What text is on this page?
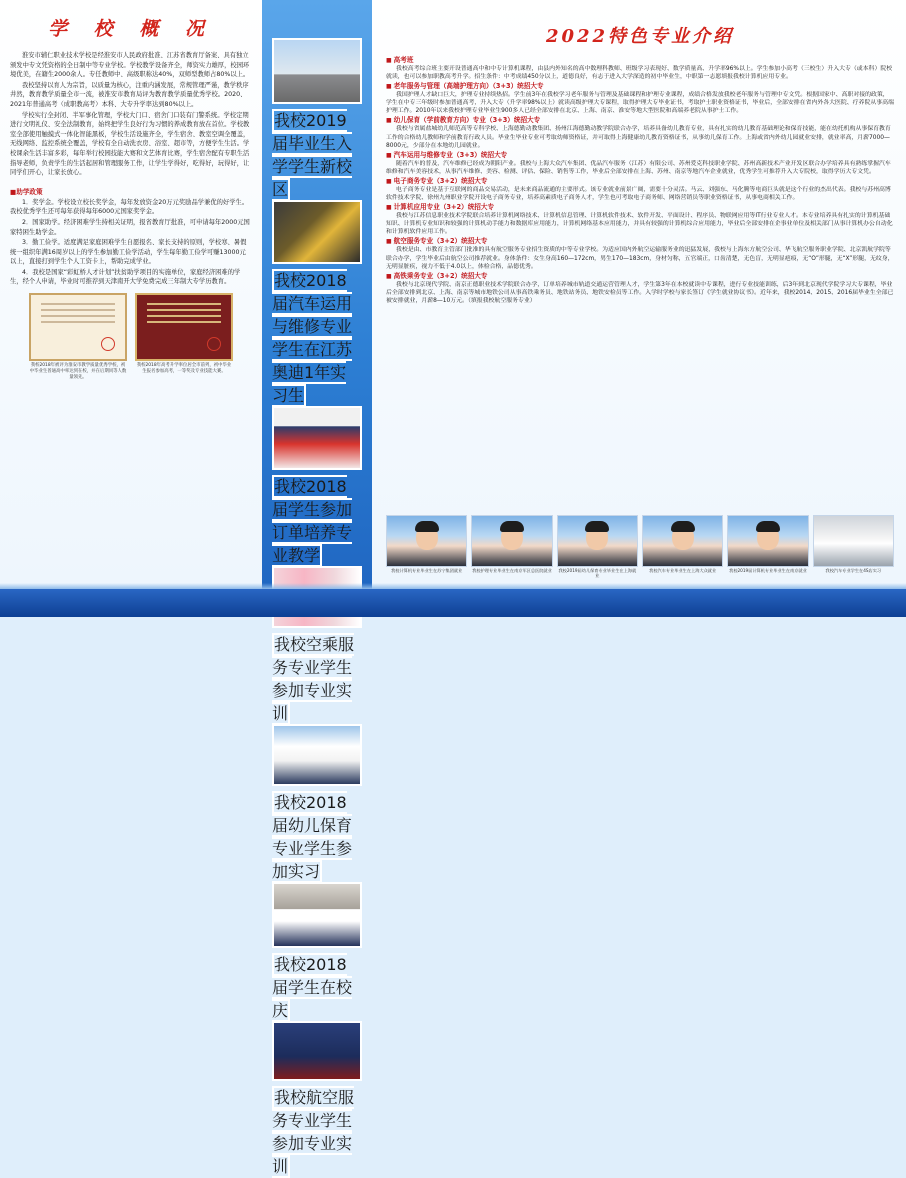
学 校 概 况

淮安市辅仁职业技术学校是经淮安市人民政府批准、江苏省教育厅备案、具有独立颁发中专文凭资格的全日制中等专业学校。学校教学设备齐全，师资实力雄厚，校园环境优美，在籍生2000余人。专任教师中、高级职称达40%，双师型教师占80%以上。

我校坚持以育人为宗旨，以质量为核心，注重内涵发展，常规管理严谨，教学秩序井然，教育教学质量全市一流，被淮安市教育局评为教育教学质量优秀学校。2020、2021年普通高考（成职教高考）本科、大专升学率达到80%以上。

学校实行全封闭、半军事化管理，学校大门口、宿舍门口装有门警系统。学校定期进行文明礼仪、安全法制教育，始终把学生良好行为习惯的养成教育放在首位。学校教室全部使用触摸式一体化智能黑板，学校生活设施齐全，学生宿舍、教室空调全覆盖，无线网络、监控系统全覆盖，学校有全自动洗衣房、浴室、超市等，方便学生生活。学校课余生活丰富多彩，每年举行校园技能大赛和文艺体育比赛，学生宿舍配有专职生活指导老师，负责学生的生活起居和管理服务工作，让学生学得好，吃得好，玩得好，让同学们开心，让家长放心。

■助学政策

1．奖学金。学校设立校长奖学金，每年发放资金20万元奖励品学兼优的好学生。我校优秀学生还可每年获得每年6000元国家奖学金。

2．国家助学。经济困难学生持相关证明，报省教育厅批准，可申请每年2000元国家特困生助学金。

3．勤工俭学。适度满足家庭困难学生自愿报名、家长支持的原则，学校寒、暑假统一组织年满16周岁以上的学生参加勤工俭学活动，学生每年勤工俭学可赚13000元以上，直接打到学生个人工资卡上，帮助完成学业。

4．我校是国家“彩虹桥人才计划”扶贫助学项目的实施单位，家庭经济困难的学生，经个人申请，毕业时可推荐到天津南开大学免费完成三年制大专学历教育。

我校2018年被评为淮安市教学质量优秀学校，初中毕业生普通高中率达到在校，并在后期同等人数量领先。
我校2018年高考升学率位居全市前列，初中毕业生报名参加高考，一等奖及专业技能大赛。
我校2019届毕业生入学学生新校区
我校2018届汽车运用与维修专业学生在江苏奥迪1年实习生
我校2018届学生参加订单培养专业教学
我校空乘服务专业学生参加专业实训
我校2018届幼儿保育专业学生参加实习
我校2018届学生在校庆
我校航空服务专业学生参加专业实训
2022特色专业介绍
■ 高考班

我校高考综合班主要开设普通高中和中专计算机课程，由县内外知名的高中数理科教师、班级学习表现好、数学质量高、升学率96%以上。学生参加小高考（三校生）升入大专（或本科）院校就读，也可以参加职教高考升学。招生条件：中考成绩450分以上，道德良好，有志于进入大学深造的初中毕业生，中职第一志愿填报我校计算机应用专业。

■ 老年服务与管理（高端护理方向）（3+3）统招大专

我国护理人才缺口巨大，护理专业持续热招。学生前3年在我校学习老年服务与管理及基础课程和护理专业课程，成绩合格发放我校老年服务与管理中专文凭。根据国家中、高职对接的政策，学生在中专三年级时参加普通高考，升入大专（升学率98%以上）就读高级护理大专课程，取得护理大专毕业证书，考取护士职业资格证书，毕业后，全部安排在省内外各大医院、疗养院从事高端护理工作。2010年以来我校护理专业毕业生900多人已经全部安排在北京、上海、南京、淮安等地大型医院和高端养老院从事护士工作。

■ 幼儿保育（学前教育方向）专业（3+3）统招大专

我校与省属盐城幼儿师范高等专科学校、上海德勤动教集团、扬州江海德勤动教学院联合办学，培养具备幼儿教育专业，具有扎实的幼儿教育基础理论和保育技能，能在幼托机构从事保育教育工作的合格幼儿教师和学前教育行政人员。毕业生毕业专业可考取幼师资格证，并可取得上海健康幼儿教育资格证书，从事幼儿保育工作。上海或省内外幼儿园就业安排，就业率高，月薪7000—8000元，少部分在本地幼儿园就业。

■ 汽车运用与维修专业（3+3）统招大专

随着汽车的普及，汽车维修已经成为朝阳产业。我校与上海大众汽车集团、优品汽车服务（江苏）有限公司、苏州爱克科技职业学院、苏州高新技术产业开发区联合办学培养具有熟练掌握汽车维修和汽车美容技术，从事汽车维修、美容、检测、评估、保险、销售等工作，毕业后全部安排在上海、苏州、南京等地汽车企业就业，优秀学生可推荐升入大专院校，取得学历大专文凭。

■ 电子商务专业（3+2）统招大专

电子商务专业是基于互联网的商品交易活动，是未来商品流通的主要形式。该专业就业前景广阔，需要十分灵活。马云、刘强东、马化腾等电商巨头就是这个行业的杰出代表。我校与苏州高博软件技术学院、徐州九州职业学院开设电子商务专业，培养高素质电子商务人才，学生也可考取电子商务师、网络营销员等职业资格证书，从事电商相关工作。

■ 计算机应用专业（3+2）统招大专

我校与江苏信息职业技术学院联合培养计算机网络技术、计算机信息管理、计算机软件技术、软件开发、平面设计、程序员、物联网应用等IT行业专业人才。本专业培养具有扎实的计算机基础知识、计算机专业知识和较强的计算机动手能力和数据库应用能力，计算机网络基本应用能力，并具有较强的计算机综合应用能力，毕业后全部安排在企事业单位及相关部门从事计算机办公自动化和计算机软件应用工作。

■ 航空服务专业（3+2）统招大专

我校是由、市教育主管部门批准的具有航空服务专业招生资质的中等专业学校。为适应国内外航空运输服务业的迅猛发展，我校与上海东方航空公司、华飞航空服务职业学院、北京凯航学院等联合办学，学生毕业后由航空公司推荐就业。身体条件：女生身高160—172cm，男生170—183cm，身材匀称，五官端正，口齿清楚，无色盲，无明显疤痕，无“O”形腿，无“X”形腿，无纹身，无明显脏疾，视力不低于4.0以上，体检合格，品德优秀。

■ 高铁乘务专业（3+2）统招大专

我校与北京现代学院、南京正德职业技术学院联合办学，订单培养城市轨道交通运营管理人才，学生第3年在本校就读中专课程，进行专业技能训练，后3年到北京现代学院学习大专课程，毕业后全部安排到北京、上海、南京等城市地铁公司从事高铁乘务员、地铁站务员、地铁安检员等工作。入学时学校与家长签订《学生就业协议书》。近年来，我校2014、2015、2016届毕业生全部已被安排就业，月薪8—10万元。（填报我校航空服务专业）

我校计算机专业毕业生在苏宁集团就业	我校护理专业毕业生在南京军区总医院就业	我校2019届幼儿保育专业毕业生在上海就业
我校汽车专业毕业生在上海大众就业	我校2019届计算机专业毕业生在南京就业	我校汽车专业学生在4S店实习
